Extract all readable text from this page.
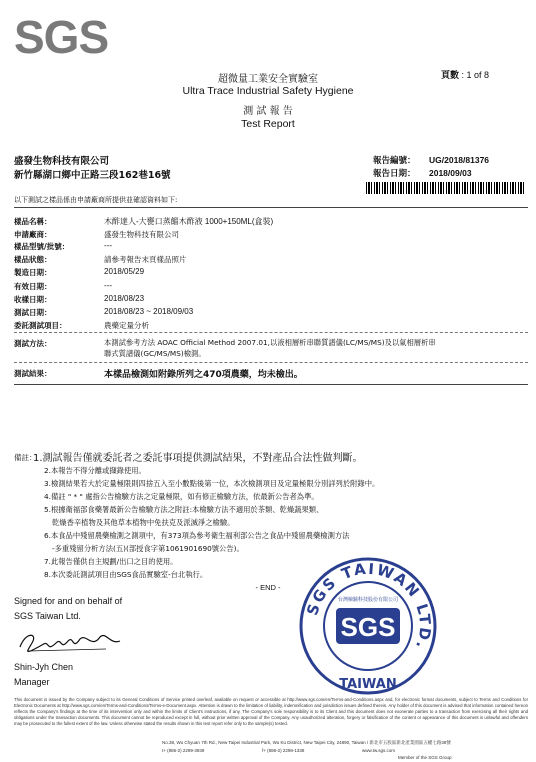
SGS
超微量工業安全實驗室
Ultra Trace Industrial Safety Hygiene
測 試 報 告
Test Report
頁數 : 1 of 8
盛發生物科技有限公司
新竹縣湖口鄉中正路三段162巷16號
報告編號： UG/2018/81376
報告日期： 2018/09/03
以下測試之樣品係由申請廠商所提供並確認資料如下:
樣品名稱：	木酢達人-大甕口蒸餾木酢液 1000+150ML(盒裝)
申請廠商：	盛發生物科技有限公司
樣品型號/批號：	---
樣品狀態：	請參考報告末頁樣品照片
製造日期：	2018/05/29
有效日期：	---
收樣日期：	2018/08/23
測試日期：	2018/08/23 ~ 2018/09/03
委託測試項目：	農藥定量分析
測試方法：	本測試參考方法 AOAC Official Method 2007.01,以液相層析串聯質譜儀(LC/MS/MS)及以氣相層析串
聯式質譜儀(GC/MS/MS)檢測。
測試結果：	本樣品檢測如附錄所列之470項農藥，均未檢出。
備註：
1.測試報告僅就委託者之委託事項提供測試結果，不對產品合法性做判斷。
2.本報告不得分離或擷錄使用。
3.檢測結果若大於定量極限則四捨五入至小數點後第一位，本次檢測項目及定量極限分別詳列於附錄中。
4.備註 " * " 處指公告檢驗方法之定量極限，如有修正檢驗方法，依最新公告者為準。
5.根據衛福部食藥署最新公告檢驗方法之附註:本檢驗方法不適用於茶類、乾燥蔬果類、
乾燥香辛植物及其他草本植物中免扶克及派滅淨之檢驗。
6.本食品中殘留農藥檢測之測項中，有373項為參考衛生福利部公告之食品中殘留農藥檢測方法
-多重殘留分析方法(五)(部授食字第1061901690號公告)。
7.此報告僅供自主規劃/出口之目的使用。
8.本次委託測試項目由SGS食品實驗室-台北執行。
- END -
Signed for and on behalf of
SGS Taiwan Ltd.
Shin-Jyh Chen
Manager
SGS TAIWAN LTD.
SGS
台灣檢驗科技股份有限公司
TAIWAN
This document is issued by the Company subject to its General Conditions of Service printed overleaf, available on request or accessible at http://www.sgs.com/en/Terms-and-Conditions.aspx and, for electronic format documents, subject to Terms and Conditions for Electronic Documents at http://www.sgs.com/en/Terms-and-Conditions/Terms-e-Document.aspx. Attention is drawn to the limitation of liability, indemnification and jurisdiction issues defined therein. Any holder of this document is advised that information contained hereon reflects the Company's findings at the time of its intervention only and within the limits of Client's instructions, if any. The Company's sole responsibility is to its Client and this document does not exonerate parties to a transaction from exercising all their rights and obligations under the transaction documents. This document cannot be reproduced except in full, without prior written approval of the Company. Any unauthorized alteration, forgery or falsification of the content or appearance of this document is unlawful and offenders may be prosecuted to the fullest extent of the law. Unless otherwise stated the results shown in this test report refer only to the sample(s) tested.
No.38, Wu Chyuan 7th Rd., New Taipei Industrial Park, Wu Ku District, New Taipei City, 24890, Taiwan / 新北市五股區新北產業園區五權七路38號
t+ (886-2) 2299-3939	f+ (886-2) 2298-1338	www.tw.sgs.com
Member of the SGS Group
